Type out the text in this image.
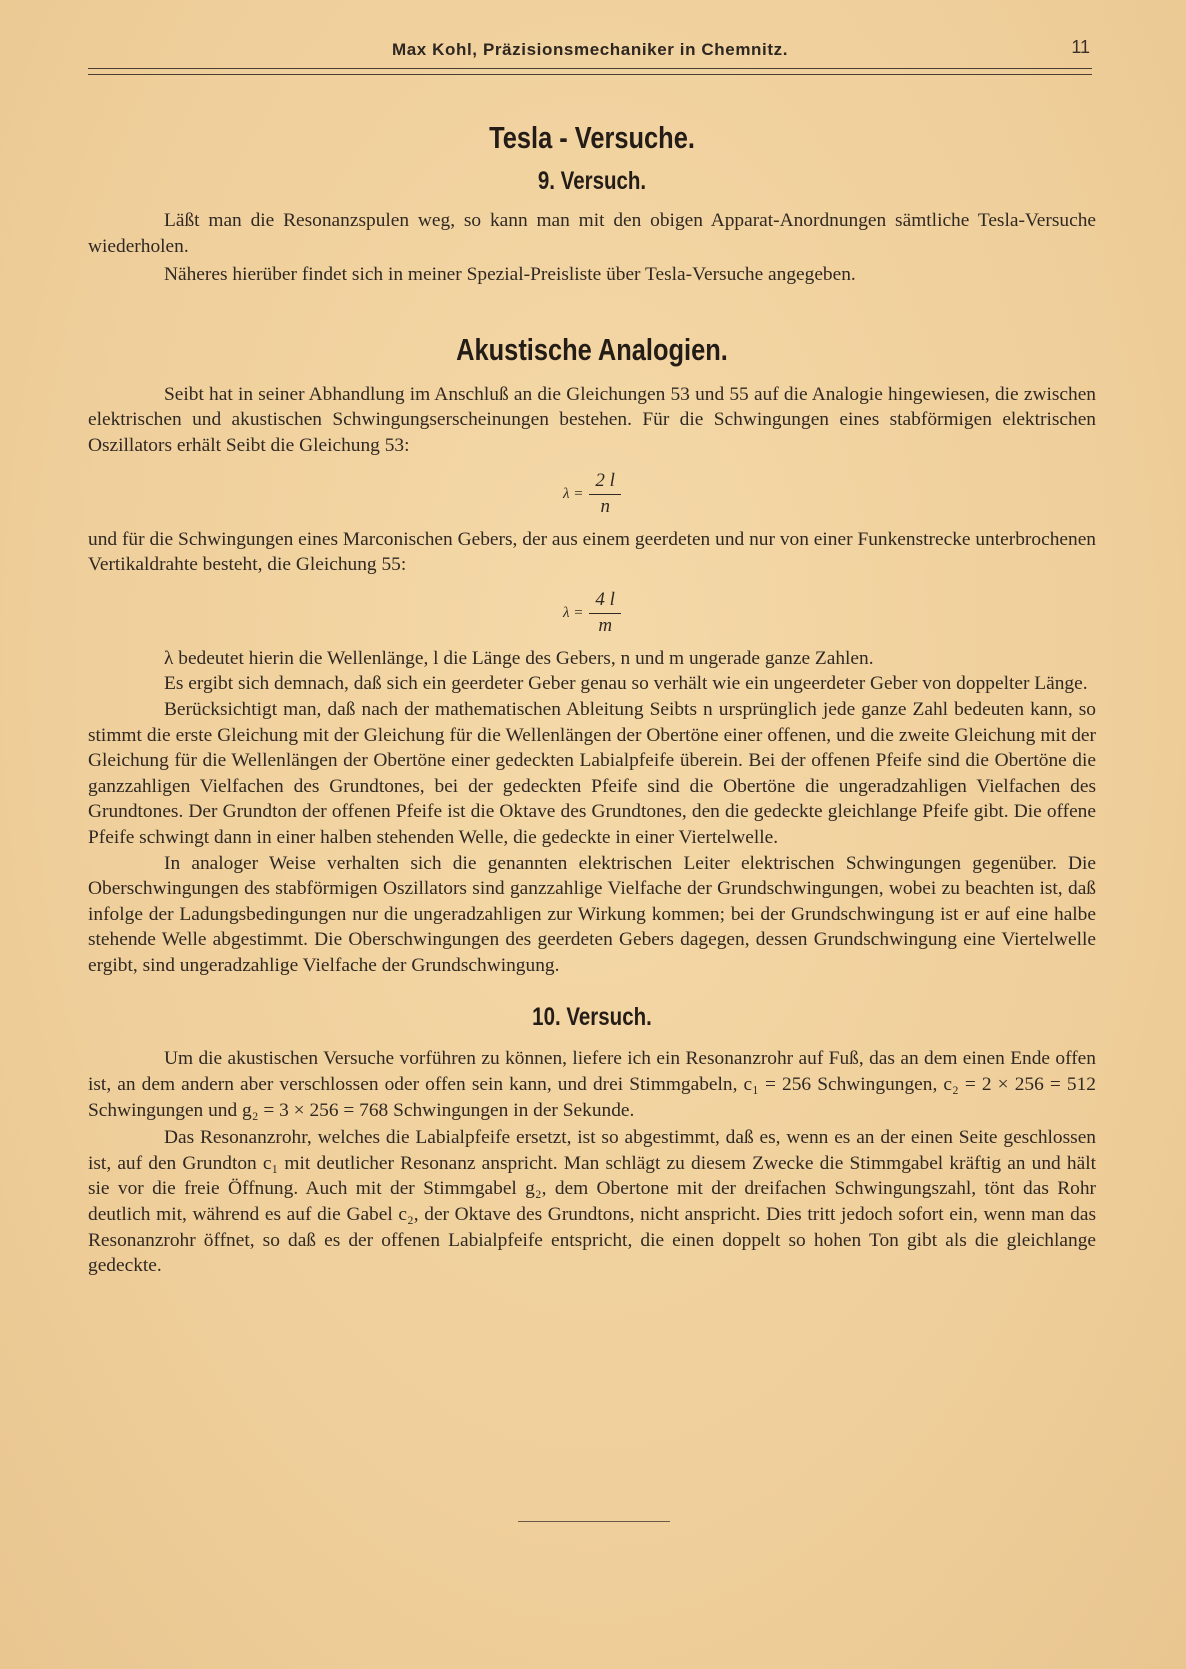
Max Kohl, Präzisionsmechaniker in Chemnitz.	11
Tesla - Versuche.
9. Versuch.

Läßt man die Resonanzspulen weg, so kann man mit den obigen Apparat-Anordnungen sämtliche Tesla-Versuche wiederholen.

Näheres hierüber findet sich in meiner Spezial-Preisliste über Tesla-Versuche angegeben.

Akustische Analogien.

Seibt hat in seiner Abhandlung im Anschluß an die Gleichungen 53 und 55 auf die Analogie hingewiesen, die zwischen elektrischen und akustischen Schwingungserscheinungen bestehen. Für die Schwingungen eines stabförmigen elektrischen Oszillators erhält Seibt die Gleichung 53:

$\lambda = \frac{2 l}{n}$

und für die Schwingungen eines Marconischen Gebers, der aus einem geerdeten und nur von einer Funkenstrecke unterbrochenen Vertikaldrahte besteht, die Gleichung 55:

$\lambda = \frac{4 l}{m}$

λ bedeutet hierin die Wellenlänge, l die Länge des Gebers, n und m ungerade ganze Zahlen.

Es ergibt sich demnach, daß sich ein geerdeter Geber genau so verhält wie ein ungeerdeter Geber von doppelter Länge.

Berücksichtigt man, daß nach der mathematischen Ableitung Seibts n ursprünglich jede ganze Zahl bedeuten kann, so stimmt die erste Gleichung mit der Gleichung für die Wellenlängen der Obertöne einer offenen, und die zweite Gleichung mit der Gleichung für die Wellenlängen der Obertöne einer gedeckten Labialpfeife überein. Bei der offenen Pfeife sind die Obertöne die ganzzahligen Vielfachen des Grundtones, bei der gedeckten Pfeife sind die Obertöne die ungeradzahligen Vielfachen des Grundtones. Der Grundton der offenen Pfeife ist die Oktave des Grundtones, den die gedeckte gleichlange Pfeife gibt. Die offene Pfeife schwingt dann in einer halben stehenden Welle, die gedeckte in einer Viertelwelle.

In analoger Weise verhalten sich die genannten elektrischen Leiter elektrischen Schwingungen gegenüber. Die Oberschwingungen des stabförmigen Oszillators sind ganzzahlige Vielfache der Grundschwingungen, wobei zu beachten ist, daß infolge der Ladungsbedingungen nur die ungeradzahligen zur Wirkung kommen; bei der Grundschwingung ist er auf eine halbe stehende Welle abgestimmt. Die Oberschwingungen des geerdeten Gebers dagegen, dessen Grundschwingung eine Viertelwelle ergibt, sind ungeradzahlige Vielfache der Grundschwingung.

10. Versuch.

Um die akustischen Versuche vorführen zu können, liefere ich ein Resonanzrohr auf Fuß, das an dem einen Ende offen ist, an dem andern aber verschlossen oder offen sein kann, und drei Stimmgabeln, c₁ = 256 Schwingungen, c₂ = 2 × 256 = 512 Schwingungen und g₂ = 3 × 256 = 768 Schwingungen in der Sekunde.

Das Resonanzrohr, welches die Labialpfeife ersetzt, ist so abgestimmt, daß es, wenn es an der einen Seite geschlossen ist, auf den Grundton c₁ mit deutlicher Resonanz anspricht. Man schlägt zu diesem Zwecke die Stimmgabel kräftig an und hält sie vor die freie Öffnung. Auch mit der Stimmgabel g₂, dem Obertone mit der dreifachen Schwingungszahl, tönt das Rohr deutlich mit, während es auf die Gabel c₂, der Oktave des Grundtons, nicht anspricht. Dies tritt jedoch sofort ein, wenn man das Resonanzrohr öffnet, so daß es der offenen Labialpfeife entspricht, die einen doppelt so hohen Ton gibt als die gleichlange gedeckte.
